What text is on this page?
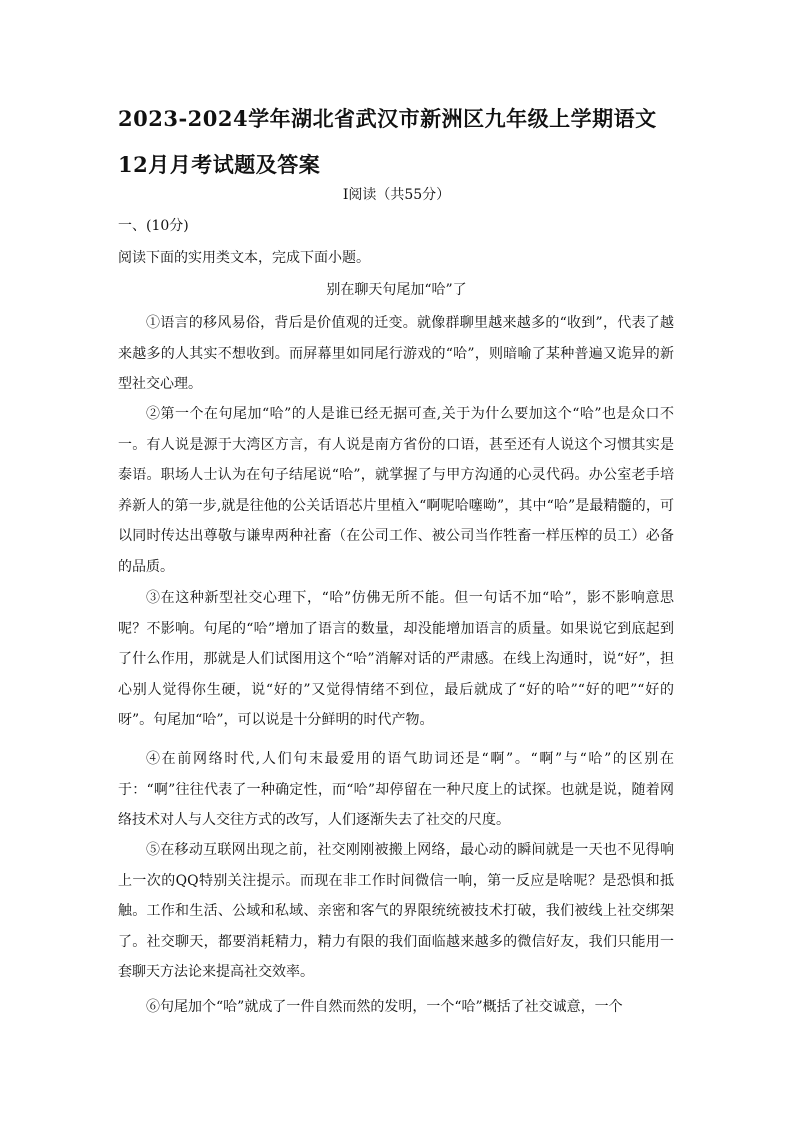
2023-2024学年湖北省武汉市新洲区九年级上学期语文12月月考试题及答案
Ⅰ阅读（共55分）

一、(10分)

阅读下面的实用类文本，完成下面小题。

别在聊天句尾加“哈”了

①语言的移风易俗，背后是价值观的迁变。就像群聊里越来越多的“收到”，代表了越来越多的人其实不想收到。而屏幕里如同尾行游戏的“哈”，则暗喻了某种普遍又诡异的新型社交心理。

②第一个在句尾加“哈”的人是谁已经无据可查,关于为什么要加这个“哈”也是众口不一。有人说是源于大湾区方言，有人说是南方省份的口语，甚至还有人说这个习惯其实是泰语。职场人士认为在句子结尾说“哈”，就掌握了与甲方沟通的心灵代码。办公室老手培养新人的第一步,就是往他的公关话语芯片里植入“啊呢哈噻呦”，其中“哈”是最精髓的，可以同时传达出尊敬与谦卑两种社畜（在公司工作、被公司当作牲畜一样压榨的员工）必备的品质。

③在这种新型社交心理下，“哈”仿佛无所不能。但一句话不加“哈”，影不影响意思呢？不影响。句尾的“哈”增加了语言的数量，却没能增加语言的质量。如果说它到底起到了什么作用，那就是人们试图用这个“哈”消解对话的严肃感。在线上沟通时，说“好”，担心别人觉得你生硬，说“好的”又觉得情绪不到位，最后就成了“好的哈”“好的吧”“好的呀”。句尾加“哈”，可以说是十分鲜明的时代产物。

④在前网络时代,人们句末最爱用的语气助词还是“啊”。“啊”与“哈”的区别在于：“啊”往往代表了一种确定性，而“哈”却停留在一种尺度上的试探。也就是说，随着网络技术对人与人交往方式的改写，人们逐渐失去了社交的尺度。

⑤在移动互联网出现之前，社交刚刚被搬上网络，最心动的瞬间就是一天也不见得响上一次的QQ特别关注提示。而现在非工作时间微信一响，第一反应是啥呢？是恐惧和抵触。工作和生活、公域和私域、亲密和客气的界限统统被技术打破，我们被线上社交绑架了。社交聊天，都要消耗精力，精力有限的我们面临越来越多的微信好友，我们只能用一套聊天方法论来提高社交效率。

⑥句尾加个“哈”就成了一件自然而然的发明，一个“哈”概括了社交诚意，一个
